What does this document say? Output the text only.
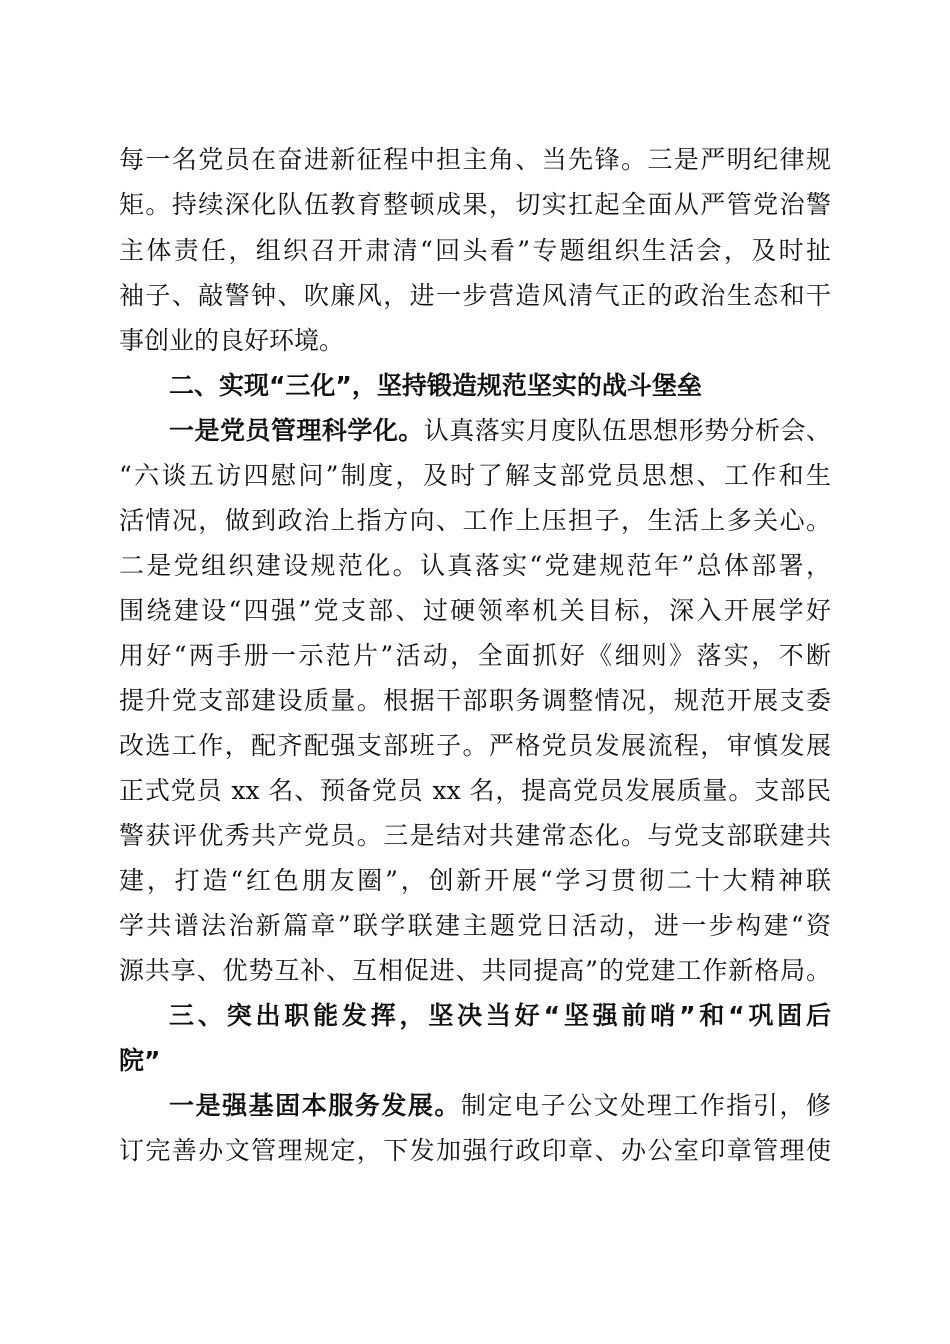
每一名党员在奋进新征程中担主角、当先锋。三是严明纪律规
矩。持续深化队伍教育整顿成果，切实扛起全面从严管党治警
主体责任，组织召开肃清“回头看”专题组织生活会，及时扯
袖子、敲警钟、吹廉风，进一步营造风清气正的政治生态和干
事创业的良好环境。
二、实现“三化”，坚持锻造规范坚实的战斗堡垒
一是党员管理科学化。认真落实月度队伍思想形势分析会、
“六谈五访四慰问”制度，及时了解支部党员思想、工作和生
活情况，做到政治上指方向、工作上压担子，生活上多关心。
二是党组织建设规范化。认真落实“党建规范年”总体部署，
围绕建设“四强”党支部、过硬领率机关目标，深入开展学好
用好“两手册一示范片”活动，全面抓好《细则》落实，不断
提升党支部建设质量。根据干部职务调整情况，规范开展支委
改选工作，配齐配强支部班子。严格党员发展流程，审慎发展
正式党员 xx 名、预备党员 xx 名，提高党员发展质量。支部民
警获评优秀共产党员。三是结对共建常态化。与党支部联建共
建，打造“红色朋友圈”，创新开展“学习贯彻二十大精神联
学共谱法治新篇章”联学联建主题党日活动，进一步构建“资
源共享、优势互补、互相促进、共同提高”的党建工作新格局。
三、突出职能发挥，坚决当好“坚强前哨”和“巩固后
院”
一是强基固本服务发展。制定电子公文处理工作指引，修
订完善办文管理规定，下发加强行政印章、办公室印章管理使
